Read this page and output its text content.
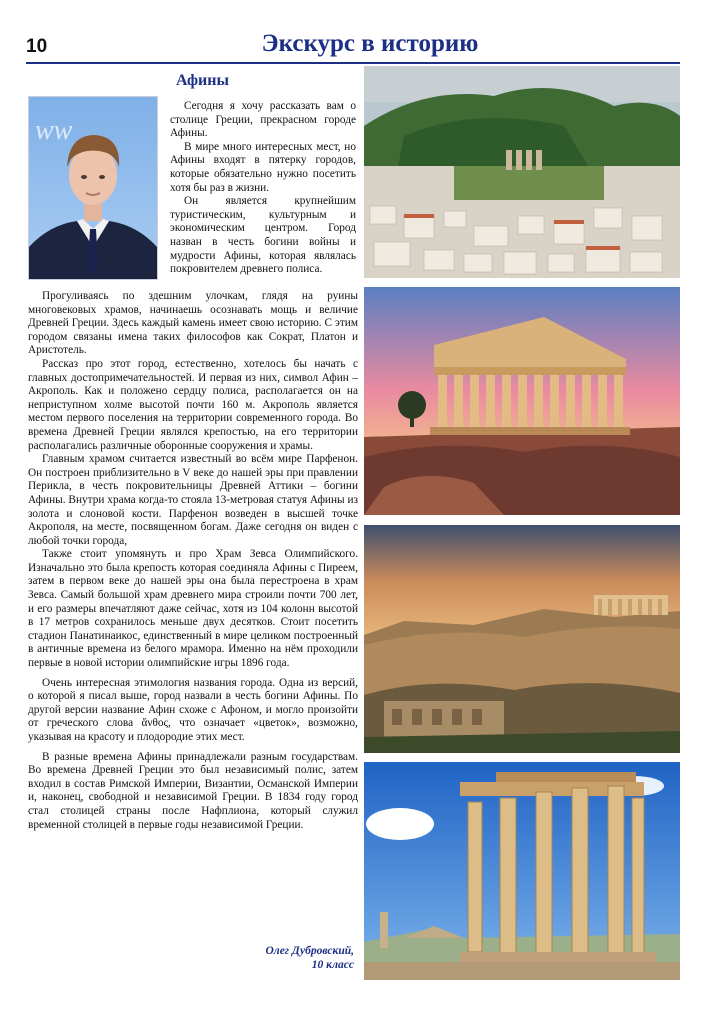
10	Экскурс в историю
Афины
ww

Сегодня я хочу рассказать вам о столице Греции, прекрасном городе Афины.

В мире много интересных мест, но Афины входят в пятерку городов, которые обязательно нужно посетить хотя бы раз в жизни.

Он является крупнейшим туристическим, культурным и экономическим центром. Город назван в честь богини войны и мудрости Афины, которая являлась покровителем древнего полиса.

Прогуливаясь по здешним улочкам, глядя на руины многовековых храмов, начинаешь осознавать мощь и величие Древней Греции. Здесь каждый камень имеет свою историю. С этим городом связаны имена таких философов как Сократ, Платон и Аристотель.

Рассказ про этот город, естественно, хотелось бы начать с главных достопримечательностей. И первая из них, символ Афин – Акрополь. Как и положено сердцу полиса, располагается он на неприступном холме высотой почти 160 м. Акрополь является местом первого поселения на территории современного города. Во времена Древней Греции являлся крепостью, на его территории располагались различные оборонные сооружения и храмы.

Главным храмом считается известный во всём мире Парфенон. Он построен приблизительно в V веке до нашей эры при правлении Перикла, в честь покровительницы Древней Аттики – богини Афины. Внутри храма когда-то стояла 13-метровая статуя Афины из золота и слоновой кости. Парфенон возведен в высшей точке Акрополя, на месте, посвященном богам. Даже сегодня он виден с любой точки города,

Также стоит упомянуть и про Храм Зевса Олимпийского. Изначально это была крепость которая соединяла Афины с Пиреем, затем в первом веке до нашей эры она была перестроена в храм Зевса. Самый большой храм древнего мира строили почти 700 лет, и его размеры впечатляют даже сейчас, хотя из 104 колонн высотой в 17 метров сохранилось меньше двух десятков. Стоит посетить стадион Панатинаикос, единственный в мире целиком построенный в античные времена из белого мрамора. Именно на нём проходили первые в новой истории олимпийские игры 1896 года.

Очень интересная этимология названия города. Одна из версий, о которой я писал выше, город назвали в честь богини Афины. По другой версии название Афин схоже с Афоном, и могло произойти от греческого слова ἄνθος, что означает «цветок», возможно, указывая на красоту и плодородие этих мест.

В разные времена Афины принадлежали разным государствам. Во времена Древней Греции это был независимый полис, затем входил в состав Римской Империи, Византии, Османской Империи и, наконец, свободной и независимой Греции. В 1834 году город стал столицей страны после Нафплиона, который служил временной столицей в первые годы независимой Греции.

Олег Дубровский,
10 класс
